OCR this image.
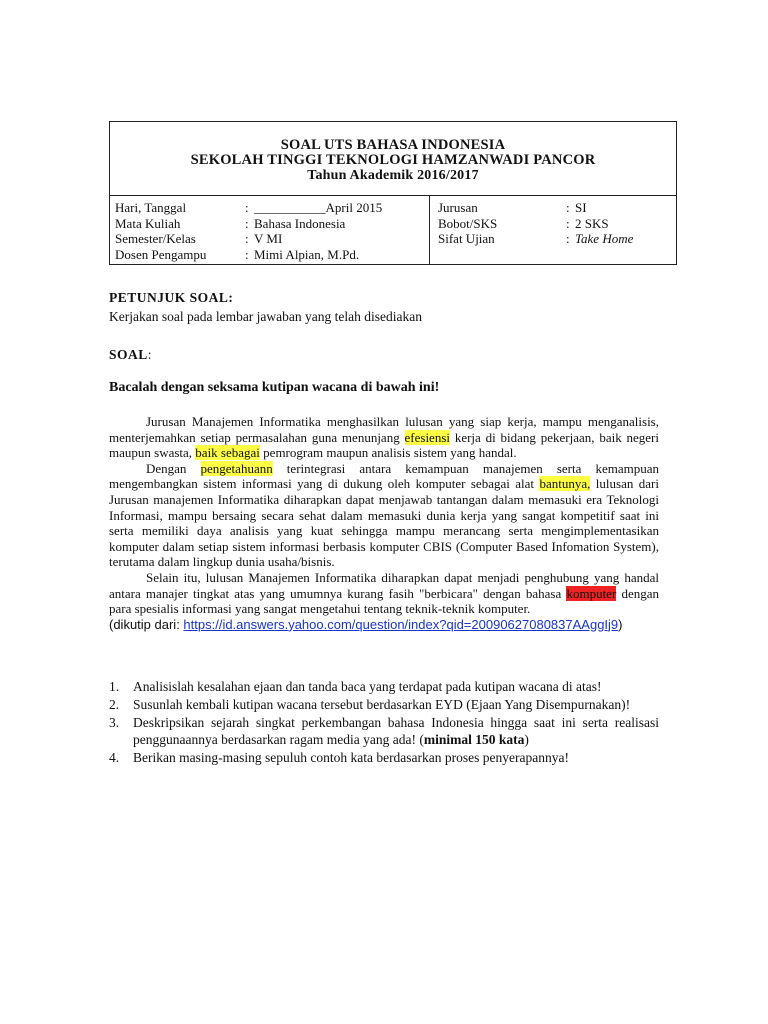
SOAL UTS BAHASA INDONESIA
SEKOLAH TINGGI TEKNOLOGI HAMZANWADI PANCOR
Tahun Akademik 2016/2017
Hari, Tanggal	: ___________April 2015
Mata Kuliah	: Bahasa Indonesia
Semester/Kelas	: V MI
Dosen Pengampu	: Mimi Alpian, M.Pd.
Jurusan	: SI
Bobot/SKS	: 2 SKS
Sifat Ujian	: Take Home
PETUNJUK SOAL:
Kerjakan soal pada lembar jawaban yang telah disediakan
SOAL:
Bacalah dengan seksama kutipan wacana di bawah ini!

Jurusan Manajemen Informatika menghasilkan lulusan yang siap kerja, mampu menganalisis, menterjemahkan setiap permasalahan guna menunjang efesiensi kerja di bidang pekerjaan, baik negeri maupun swasta, baik sebagai pemrogram maupun analisis sistem yang handal.

Dengan pengetahuann terintegrasi antara kemampuan manajemen serta kemampuan mengembangkan sistem informasi yang di dukung oleh komputer sebagai alat bantunya, lulusan dari Jurusan manajemen Informatika diharapkan dapat menjawab tantangan dalam memasuki era Teknologi Informasi, mampu bersaing secara sehat dalam memasuki dunia kerja yang sangat kompetitif saat ini serta memiliki daya analisis yang kuat sehingga mampu merancang serta mengimplementasikan komputer dalam setiap sistem informasi berbasis komputer CBIS (Computer Based Infomation System), terutama dalam lingkup dunia usaha/bisnis.

Selain itu, lulusan Manajemen Informatika diharapkan dapat menjadi penghubung yang handal antara manajer tingkat atas yang umumnya kurang fasih "berbicara" dengan bahasa komputer dengan para spesialis informasi yang sangat mengetahui tentang teknik-teknik komputer.

(dikutip dari: https://id.answers.yahoo.com/question/index?qid=20090627080837AAggIj9)
1.	Analisislah kesalahan ejaan dan tanda baca yang terdapat pada kutipan wacana di atas!
2.	Susunlah kembali kutipan wacana tersebut berdasarkan EYD (Ejaan Yang Disempurnakan)!
3.	Deskripsikan sejarah singkat perkembangan bahasa Indonesia hingga saat ini serta realisasi penggunaannya berdasarkan ragam media yang ada! (minimal 150 kata)
4.	Berikan masing-masing sepuluh contoh kata berdasarkan proses penyerapannya!
